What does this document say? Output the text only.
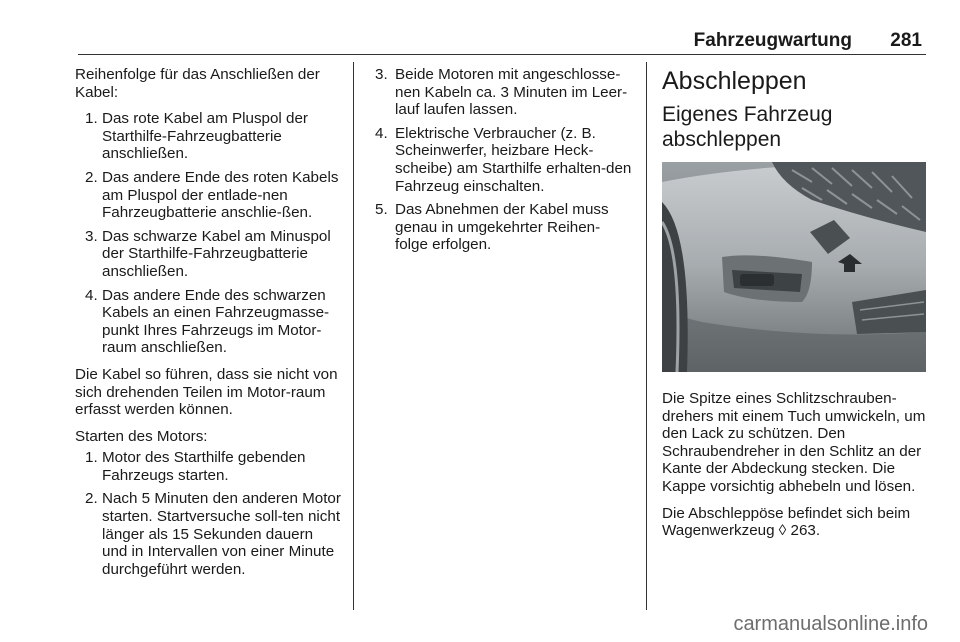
Fahrzeugwartung 281

Reihenfolge für das Anschließen der Kabel:

1. Das rote Kabel am Pluspol der Starthilfe-Fahrzeugbatterie anschließen.
2. Das andere Ende des roten Kabels am Pluspol der entlade-nen Fahrzeugbatterie anschlie-ßen.
3. Das schwarze Kabel am Minuspol der Starthilfe-Fahrzeugbatterie anschließen.
4. Das andere Ende des schwarzen Kabels an einen Fahrzeugmasse-punkt Ihres Fahrzeugs im Motor-raum anschließen.

Die Kabel so führen, dass sie nicht von sich drehenden Teilen im Motor-raum erfasst werden können.

Starten des Motors:

1. Motor des Starthilfe gebenden Fahrzeugs starten.
2. Nach 5 Minuten den anderen Motor starten. Startversuche soll-ten nicht länger als 15 Sekunden dauern und in Intervallen von einer Minute durchgeführt werden.
3. Beide Motoren mit angeschlosse-nen Kabeln ca. 3 Minuten im Leer-lauf laufen lassen.
4. Elektrische Verbraucher (z. B. Scheinwerfer, heizbare Heck-scheibe) am Starthilfe erhalten-den Fahrzeug einschalten.
5. Das Abnehmen der Kabel muss genau in umgekehrter Reihen-folge erfolgen.
Abschleppen
Eigenes Fahrzeug
abschleppen

Die Spitze eines Schlitzschrauben-drehers mit einem Tuch umwickeln, um den Lack zu schützen. Den Schraubendreher in den Schlitz an der Kante der Abdeckung stecken. Die Kappe vorsichtig abhebeln und lösen.

Die Abschleppöse befindet sich beim Wagenwerkzeug ◊ 263.

carmanualsonline.info
